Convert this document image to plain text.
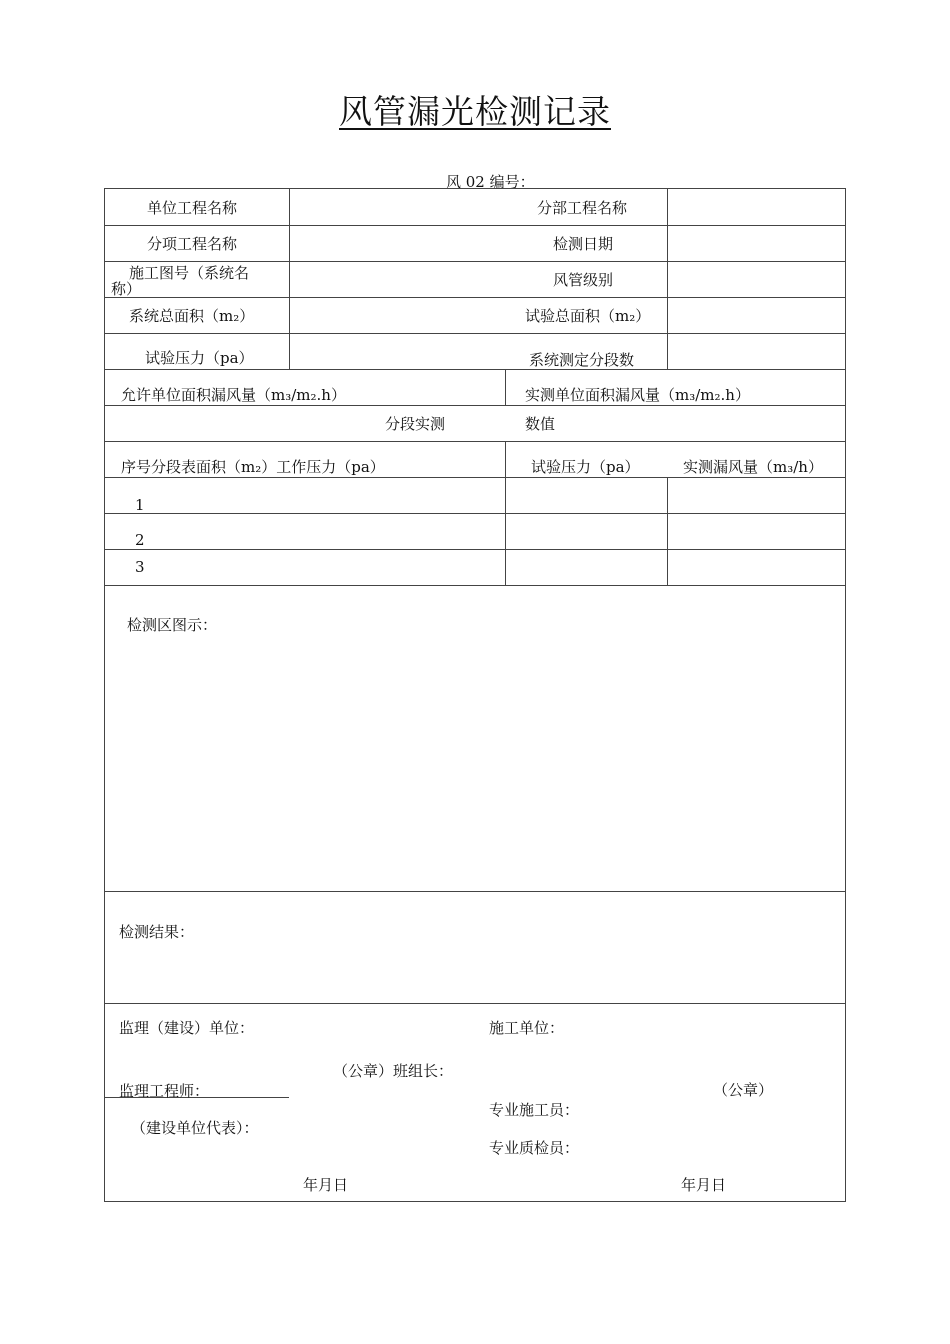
风管漏光检测记录
风 02 编号：
单位工程名称	分部工程名称
分项工程名称	检测日期
施工图号（系统名称）	风管级别
系统总面积（m₂）	试验总面积（m₂）
试验压力（pa）	系统测定分段数
允许单位面积漏风量（m₃/m₂.h）	实测单位面积漏风量（m₃/m₂.h）
分段实测	数值
序号分段表面积（m₂）工作压力（pa）	试验压力（pa）	实测漏风量（m₃/h）
1
2
3
检测区图示：
检测结果：
监理（建设）单位：	施工单位：
（公章）班组长：
（公章）
监理工程师：
专业施工员：
（建设单位代表）：
专业质检员：
年月日	年月日
